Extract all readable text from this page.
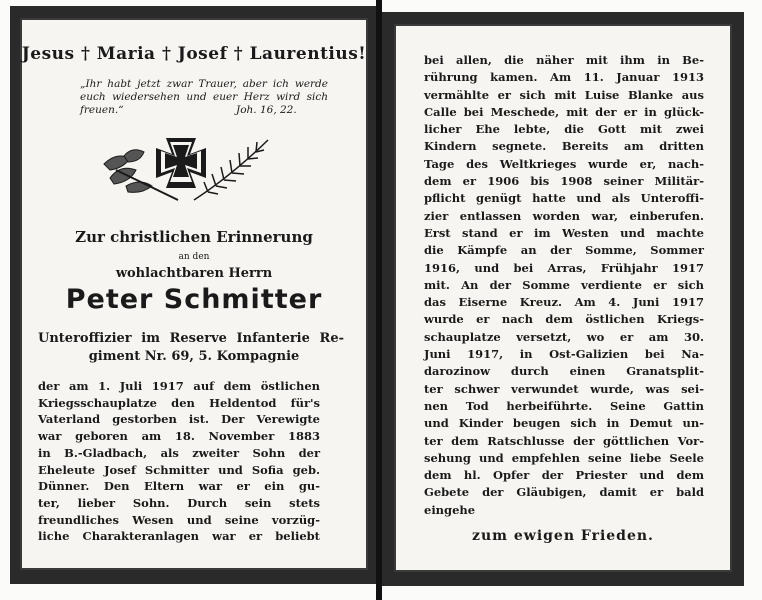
Jesus † Maria † Josef † Laurentius!
„Ihr habt jetzt zwar Trauer, aber ich werde euch wiedersehen und euer Herz wird sich freuen.“	Joh. 16, 22.
Zur christlichen Erinnerung
an den
wohlachtbaren Herrn
Peter Schmitter
Unteroffizier im Reserve Infanterie Re-
giment Nr. 69, 5. Kompagnie
der am 1. Juli 1917 auf dem östlichen
Kriegsschauplatze den Heldentod für's
Vaterland gestorben ist. Der Verewigte
war geboren am 18. November 1883
in B.-Gladbach, als zweiter Sohn der
Eheleute Josef Schmitter und Sofia geb.
Dünner. Den Eltern war er ein gu-
ter, lieber Sohn. Durch sein stets
freundliches Wesen und seine vorzüg-
liche Charakteranlagen war er beliebt
bei allen, die näher mit ihm in Be-
rührung kamen. Am 11. Januar 1913
vermählte er sich mit Luise Blanke aus
Calle bei Meschede, mit der er in glück-
licher Ehe lebte, die Gott mit zwei
Kindern segnete. Bereits am dritten
Tage des Weltkrieges wurde er, nach-
dem er 1906 bis 1908 seiner Militär-
pflicht genügt hatte und als Unteroffi-
zier entlassen worden war, einberufen.
Erst stand er im Westen und machte
die Kämpfe an der Somme, Sommer
1916, und bei Arras, Frühjahr 1917
mit. An der Somme verdiente er sich
das Eiserne Kreuz. Am 4. Juni 1917
wurde er nach dem östlichen Kriegs-
schauplatze versetzt, wo er am 30.
Juni 1917, in Ost-Galizien bei Na-
darozinow durch einen Granatsplit-
ter schwer verwundet wurde, was sei-
nen Tod herbeiführte. Seine Gattin
und Kinder beugen sich in Demut un-
ter dem Ratschlusse der göttlichen Vor-
sehung und empfehlen seine liebe Seele
dem hl. Opfer der Priester und dem
Gebete der Gläubigen, damit er bald
eingehe
zum ewigen Frieden.
